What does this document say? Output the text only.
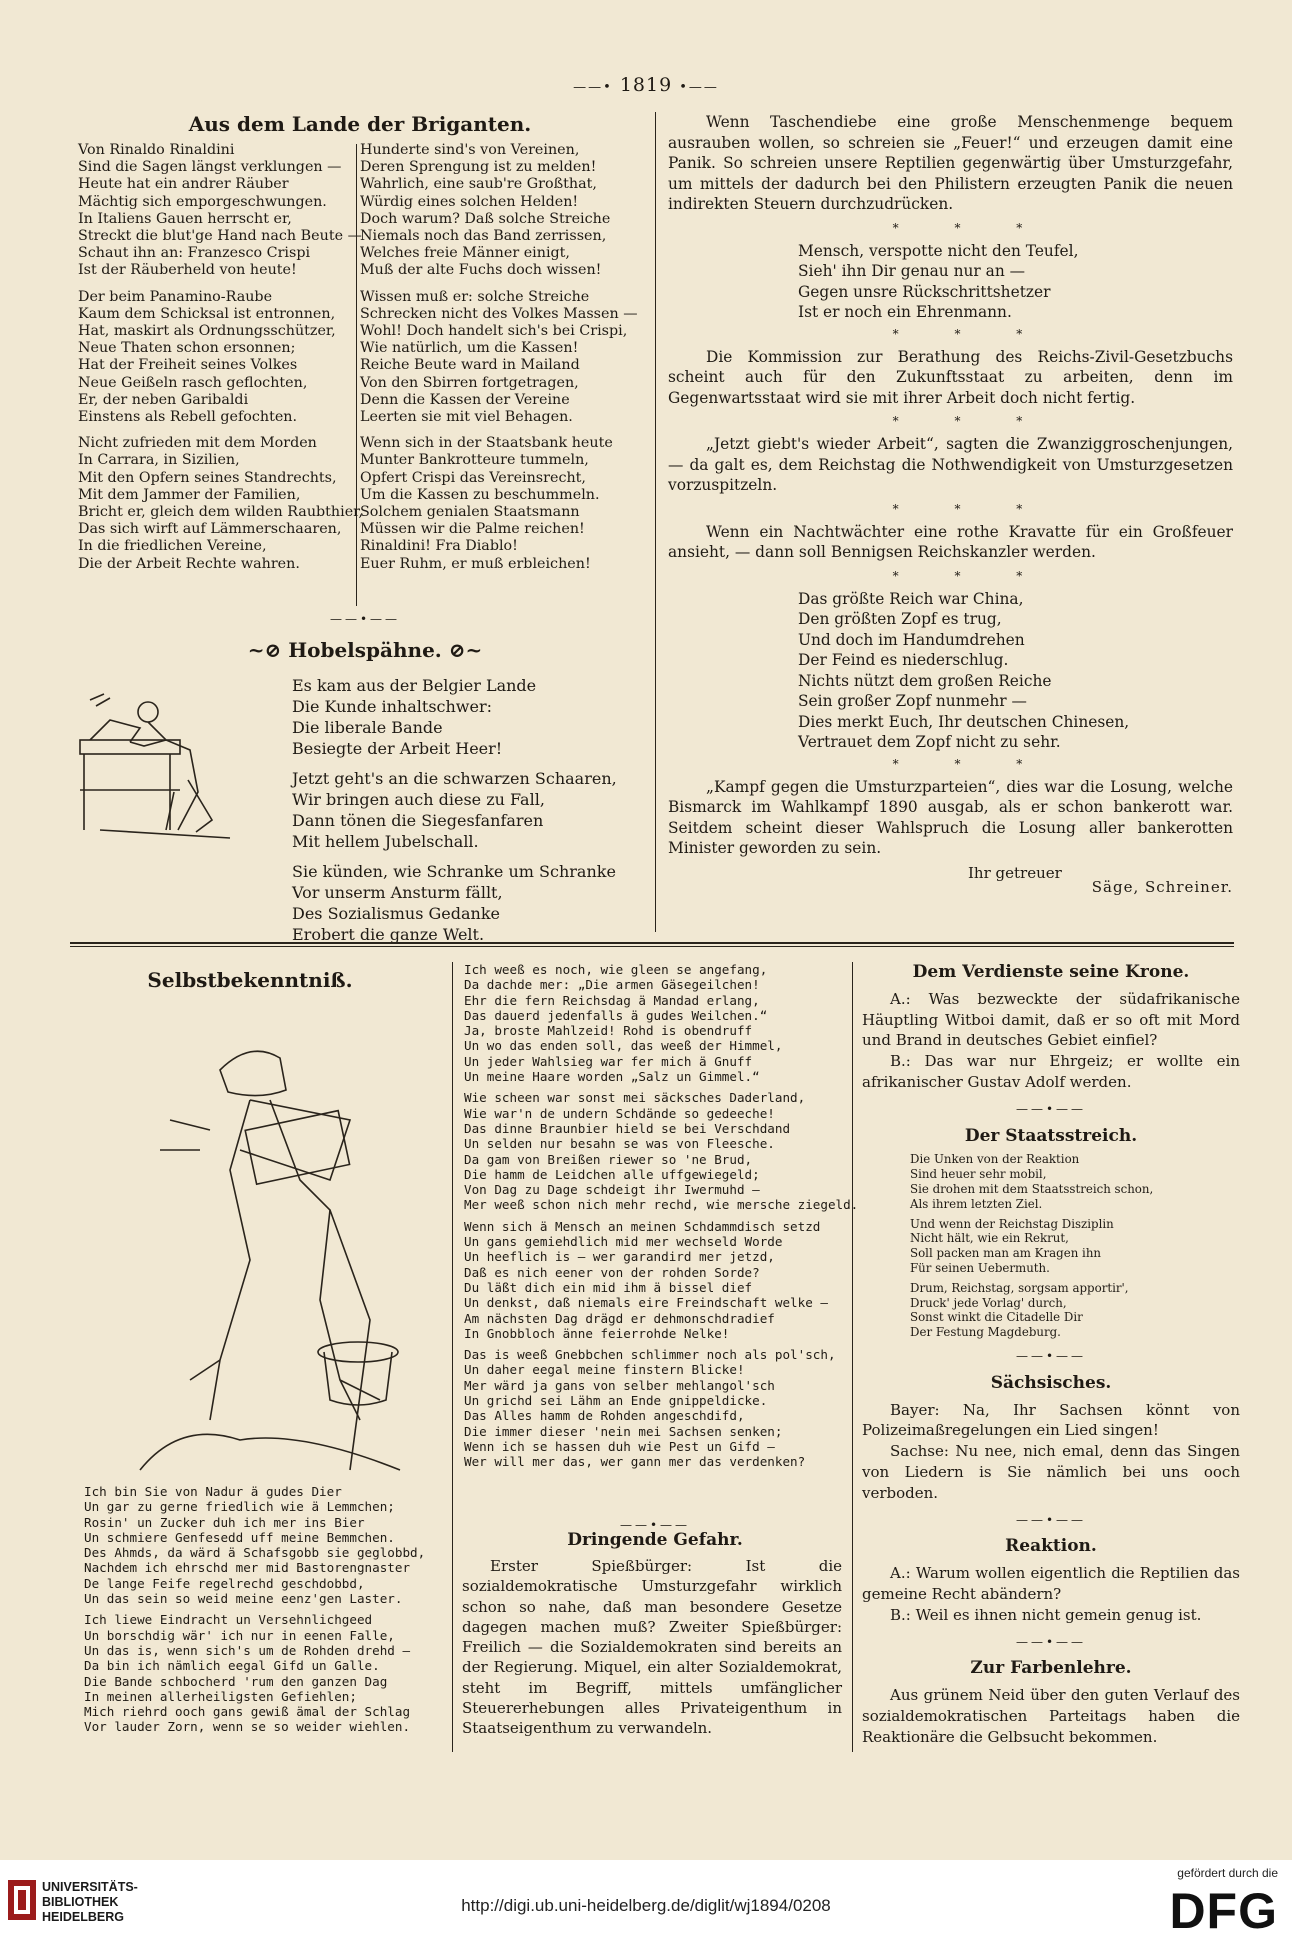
——• 1819 •——
Aus dem Lande der Briganten.
Von Rinaldo Rinaldini
Sind die Sagen längst verklungen —
Heute hat ein andrer Räuber
Mächtig sich emporgeschwungen.
In Italiens Gauen herrscht er,
Streckt die blut'ge Hand nach Beute —
Schaut ihn an: Franzesco Crispi
Ist der Räuberheld von heute!
Der beim Panamino-Raube
Kaum dem Schicksal ist entronnen,
Hat, maskirt als Ordnungsschützer,
Neue Thaten schon ersonnen;
Hat der Freiheit seines Volkes
Neue Geißeln rasch geflochten,
Er, der neben Garibaldi
Einstens als Rebell gefochten.
Nicht zufrieden mit dem Morden
In Carrara, in Sizilien,
Mit den Opfern seines Standrechts,
Mit dem Jammer der Familien,
Bricht er, gleich dem wilden Raubthier,
Das sich wirft auf Lämmerschaaren,
In die friedlichen Vereine,
Die der Arbeit Rechte wahren.
Hunderte sind's von Vereinen,
Deren Sprengung ist zu melden!
Wahrlich, eine saub're Großthat,
Würdig eines solchen Helden!
Doch warum? Daß solche Streiche
Niemals noch das Band zerrissen,
Welches freie Männer einigt,
Muß der alte Fuchs doch wissen!
Wissen muß er: solche Streiche
Schrecken nicht des Volkes Massen —
Wohl! Doch handelt sich's bei Crispi,
Wie natürlich, um die Kassen!
Reiche Beute ward in Mailand
Von den Sbirren fortgetragen,
Denn die Kassen der Vereine
Leerten sie mit viel Behagen.
Wenn sich in der Staatsbank heute
Munter Bankrotteure tummeln,
Opfert Crispi das Vereinsrecht,
Um die Kassen zu beschummeln.
Solchem genialen Staatsmann
Müssen wir die Palme reichen!
Rinaldini! Fra Diablo!
Euer Ruhm, er muß erbleichen!
——•——
~⊘ Hobelspähne. ⊘~
Es kam aus der Belgier Lande
Die Kunde inhaltschwer:
Die liberale Bande
Besiegte der Arbeit Heer!
Jetzt geht's an die schwarzen Schaaren,
Wir bringen auch diese zu Fall,
Dann tönen die Siegesfanfaren
Mit hellem Jubelschall.
Sie künden, wie Schranke um Schranke
Vor unserm Ansturm fällt,
Des Sozialismus Gedanke
Erobert die ganze Welt.

Wenn Taschendiebe eine große Menschenmenge bequem ausrauben wollen, so schreien sie „Feuer!“ und erzeugen damit eine Panik. So schreien unsere Reptilien gegenwärtig über Umsturzgefahr, um mittels der dadurch bei den Philistern erzeugten Panik die neuen indirekten Steuern durchzudrücken.

* * *
Mensch, verspotte nicht den Teufel,
Sieh' ihn Dir genau nur an —
Gegen unsre Rückschrittshetzer
Ist er noch ein Ehrenmann.
* * *

Die Kommission zur Berathung des Reichs-Zivil-Gesetzbuchs scheint auch für den Zukunftsstaat zu arbeiten, denn im Gegenwartsstaat wird sie mit ihrer Arbeit doch nicht fertig.

* * *

„Jetzt giebt's wieder Arbeit“, sagten die Zwanziggroschenjungen, — da galt es, dem Reichstag die Nothwendigkeit von Umsturzgesetzen vorzuspitzeln.

* * *

Wenn ein Nachtwächter eine rothe Kravatte für ein Großfeuer ansieht, — dann soll Bennigsen Reichskanzler werden.

* * *
Das größte Reich war China,
Den größten Zopf es trug,
Und doch im Handumdrehen
Der Feind es niederschlug.
Nichts nützt dem großen Reiche
Sein großer Zopf nunmehr —
Dies merkt Euch, Ihr deutschen Chinesen,
Vertrauet dem Zopf nicht zu sehr.
* * *

„Kampf gegen die Umsturzparteien“, dies war die Losung, welche Bismarck im Wahlkampf 1890 ausgab, als er schon bankerott war. Seitdem scheint dieser Wahlspruch die Losung aller bankerotten Minister geworden zu sein.

Ihr getreuer
Säge, Schreiner.
Selbstbekenntniß.
Ich bin Sie von Nadur ä gudes Dier
Un gar zu gerne friedlich wie ä Lemmchen;
Rosin' un Zucker duh ich mer ins Bier
Un schmiere Genfesedd uff meine Bemmchen.
Des Ahmds, da wärd ä Schafsgobb sie geglobbd,
Nachdem ich ehrschd mer mid Bastorengnaster
De lange Feife regelrechd geschdobbd,
Un das sein so weid meine eenz'gen Laster.
Ich liewe Eindracht un Versehnlichgeed
Un borschdig wär' ich nur in eenen Falle,
Un das is, wenn sich's um de Rohden drehd —
Da bin ich nämlich eegal Gifd un Galle.
Die Bande schbocherd 'rum den ganzen Dag
In meinen allerheiligsten Gefiehlen;
Mich riehrd ooch gans gewiß ämal der Schlag
Vor lauder Zorn, wenn se so weider wiehlen.
Ich weeß es noch, wie gleen se angefang,
Da dachde mer: „Die armen Gäsegeilchen!
Ehr die fern Reichsdag ä Mandad erlang,
Das dauerd jedenfalls ä gudes Weilchen.“
Ja, broste Mahlzeid! Rohd is obendruff
Un wo das enden soll, das weeß der Himmel,
Un jeder Wahlsieg war fer mich ä Gnuff
Un meine Haare worden „Salz un Gimmel.“
Wie scheen war sonst mei säcksches Daderland,
Wie war'n de undern Schdände so gedeeche!
Das dinne Braunbier hield se bei Verschdand
Un selden nur besahn se was von Fleesche.
Da gam von Breißen riewer so 'ne Brud,
Die hamm de Leidchen alle uffgewiegeld;
Von Dag zu Dage schdeigt ihr Iwermuhd —
Mer weeß schon nich mehr rechd, wie mersche ziegeld.
Wenn sich ä Mensch an meinen Schdammdisch setzd
Un gans gemiehdlich mid mer wechseld Worde
Un heeflich is — wer garandird mer jetzd,
Daß es nich eener von der rohden Sorde?
Du läßt dich ein mid ihm ä bissel dief
Un denkst, daß niemals eire Freindschaft welke —
Am nächsten Dag drägd er dehmonschdradief
In Gnobbloch änne feierrohde Nelke!
Das is weeß Gnebbchen schlimmer noch als pol'sch,
Un daher eegal meine finstern Blicke!
Mer wärd ja gans von selber mehlangol'sch
Un grichd sei Lähm an Ende gnippeldicke.
Das Alles hamm de Rohden angeschdifd,
Die immer dieser 'nein mei Sachsen senken;
Wenn ich se hassen duh wie Pest un Gifd —
Wer will mer das, wer gann mer das verdenken?
——•——
Dringende Gefahr.

Erster Spießbürger: Ist die sozialdemokratische Umsturzgefahr wirklich schon so nahe, daß man besondere Gesetze dagegen machen muß? Zweiter Spießbürger: Freilich — die Sozialdemokraten sind bereits an der Regierung. Miquel, ein alter Sozialdemokrat, steht im Begriff, mittels umfänglicher Steuererhebungen alles Privateigenthum in Staatseigenthum zu verwandeln.

Dem Verdienste seine Krone.

A.: Was bezweckte der südafrikanische Häuptling Witboi damit, daß er so oft mit Mord und Brand in deutsches Gebiet einfiel?

B.: Das war nur Ehrgeiz; er wollte ein afrikanischer Gustav Adolf werden.

——•——
Der Staatsstreich.
Die Unken von der Reaktion
Sind heuer sehr mobil,
Sie drohen mit dem Staatsstreich schon,
Als ihrem letzten Ziel.
Und wenn der Reichstag Disziplin
Nicht hält, wie ein Rekrut,
Soll packen man am Kragen ihn
Für seinen Uebermuth.
Drum, Reichstag, sorgsam apportir',
Druck' jede Vorlag' durch,
Sonst winkt die Citadelle Dir
Der Festung Magdeburg.
——•——
Sächsisches.

Bayer: Na, Ihr Sachsen könnt von Polizeimaßregelungen ein Lied singen!

Sachse: Nu nee, nich emal, denn das Singen von Liedern is Sie nämlich bei uns ooch verboden.

——•——
Reaktion.

A.: Warum wollen eigentlich die Reptilien das gemeine Recht abändern?

B.: Weil es ihnen nicht gemein genug ist.

——•——
Zur Farbenlehre.

Aus grünem Neid über den guten Verlauf des sozialdemokratischen Parteitags haben die Reaktionäre die Gelbsucht bekommen.

UNIVERSITÄTS-
BIBLIOTHEK
HEIDELBERG
http://digi.ub.uni-heidelberg.de/diglit/wj1894/0208
gefördert durch die
DFG
